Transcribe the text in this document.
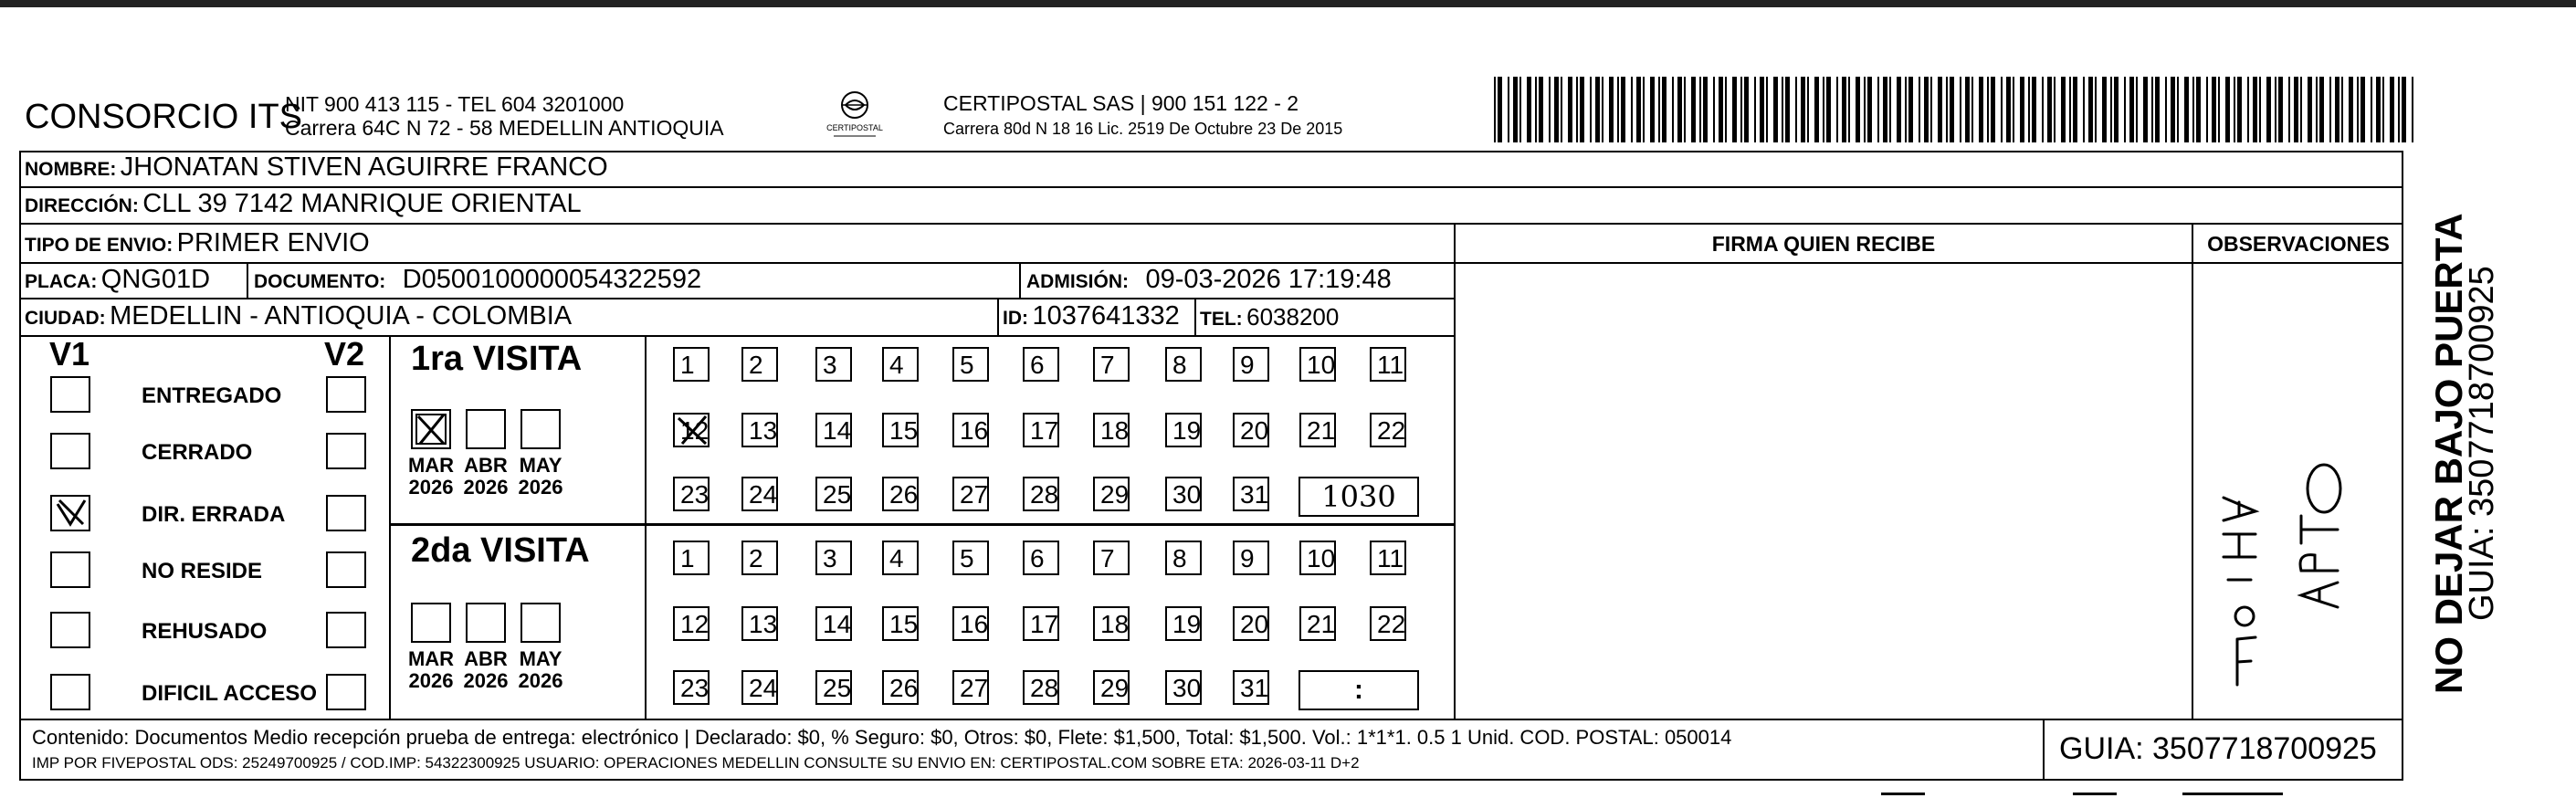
CONSORCIO ITS
NIT 900 413 115 - TEL 604 3201000
Carrera 64C N 72 - 58 MEDELLIN ANTIOQUIA	CERTIPOSTAL
CERTIPOSTAL SAS | 900 151 122 - 2
Carrera 80d N 18 16 Lic. 2519 De Octubre 23 De 2015
NOMBRE: JHONATAN STIVEN AGUIRRE FRANCO
DIRECCIÓN: CLL 39 7142 MANRIQUE ORIENTAL
TIPO DE ENVIO: PRIMER ENVIO	FIRMA QUIEN RECIBE	OBSERVACIONES
PLACA: QNG01D DOCUMENTO: D0500100000054322592	ADMISIÓN: 09-03-2026 17:19:48
CIUDAD: MEDELLIN - ANTIOQUIA - COLOMBIA	ID: 1037641332 TEL: 6038200
V1	V2
ENTREGADO
CERRADO
DIR. ERRADA
NO RESIDE
REHUSADO
DIFICIL ACCESO
1ra VISITA
2da VISITA
MAR
2026
ABR
2026
MAY
2026
1	2	3	4	5	6	7	8	9	10 11
12 13 14 15 16 17 18 19 20 21 22
23 24 25 26 27 28 29 30 31	1030
MAR
2026
ABR
2026
MAY
2026
1	2	3	4	5	6	7	8	9	10 11
12 13 14 15 16 17 18 19 20 21 22
23 24 25 26 27 28 29 30 31	:	NO DEJAR BAJO PUERTA
GUIA: 3507718700925
Contenido: Documentos Medio recepción prueba de entrega: electrónico | Declarado: $0, % Seguro: $0, Otros: $0, Flete: $1,500, Total: $1,500. Vol.: 1*1*1. 0.5 1 Unid. COD. POSTAL: 050014
IMP POR FIVEPOSTAL ODS: 25249700925 / COD.IMP: 54322300925 USUARIO: OPERACIONES MEDELLIN CONSULTE SU ENVIO EN: CERTIPOSTAL.COM SOBRE ETA: 2026-03-11 D+2	GUIA: 3507718700925
